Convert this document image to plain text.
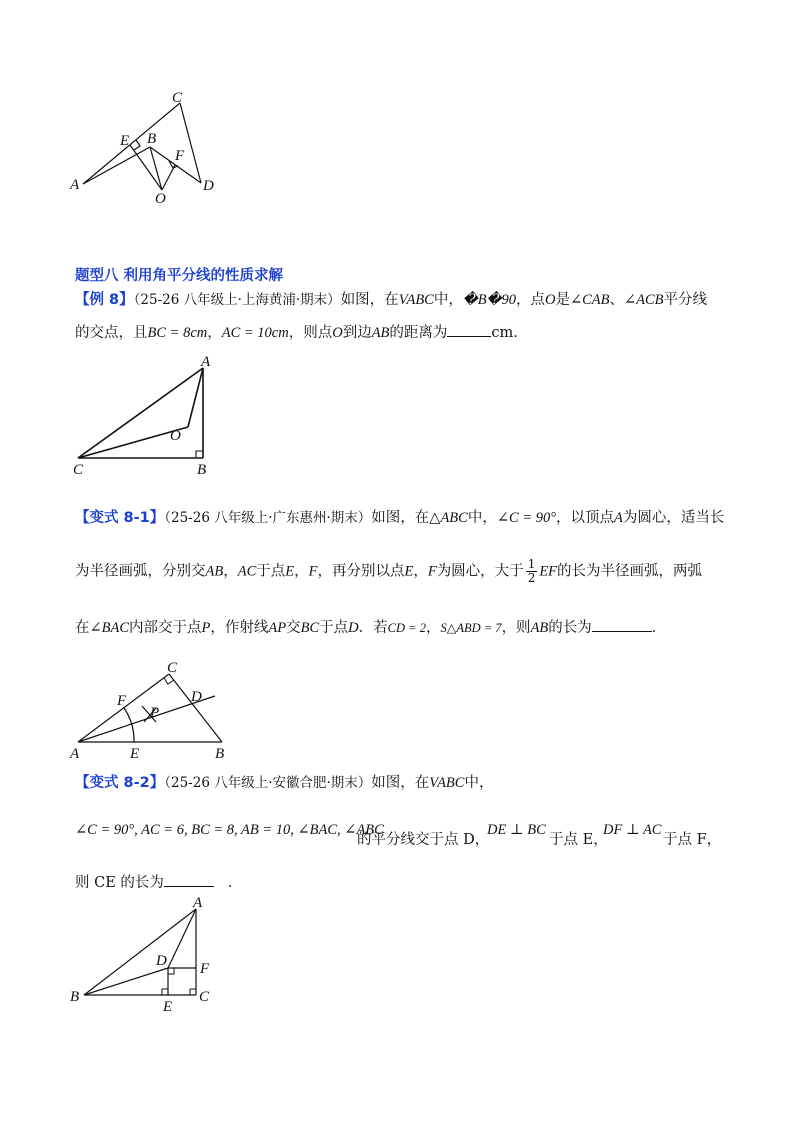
C
E B
F
A	D
O
题型八 利用角平分线的性质求解
【例 8】（25-26 八年级上·上海黄浦·期末）如图，在VABC中，�B�90，点O是∠CAB、∠ACB平分线
的交点，且BC = 8cm，AC = 10cm，则点O到边AB的距离为	cm．
A
O
C	B
【变式 8-1】（25-26 八年级上·广东惠州·期末）如图，在△ABC中，∠C = 90°，以顶点A为圆心，适当长
为半径画弧，分别交AB，AC于点E，F，再分别以点E，F为圆心，大于 $\frac{1}{2}$ EF的长为半径画弧，两弧
在∠BAC内部交于点P，作射线AP交BC于点D．若CD = 2，S△ABD = 7，则AB的长为	．
C
F	D
P
A	E	B
【变式 8-2】（25-26 八年级上·安徽合肥·期末）如图，在VABC中，
∠C = 90°, AC = 6, BC = 8, AB = 10, ∠BAC, ∠ABC
的平分线交于点 D，
DE ⊥ BC
于点 E，
DF ⊥ AC
于点 F，
则 CE 的长为	．
A
D F
B
E
C
